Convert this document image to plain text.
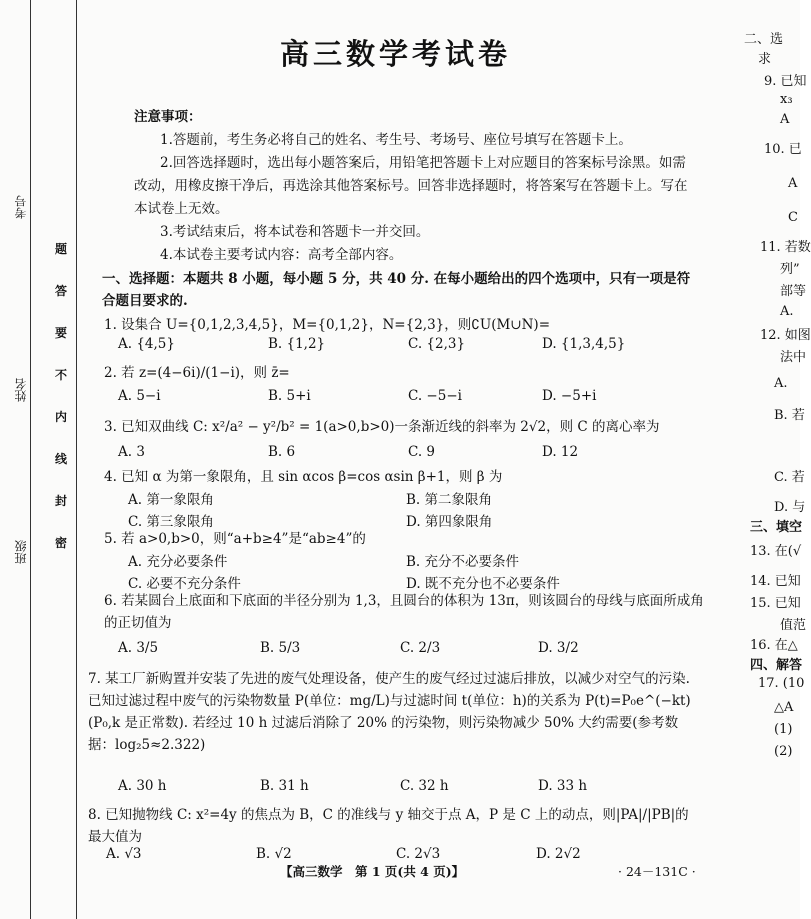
考号
姓名
班级
题
答
要
不
内
线
封
密
高三数学考试卷
注意事项：

1.答题前，考生务必将自己的姓名、考生号、考场号、座位号填写在答题卡上。

2.回答选择题时，选出每小题答案后，用铅笔把答题卡上对应题目的答案标号涂黑。如需改动，用橡皮擦干净后，再选涂其他答案标号。回答非选择题时，将答案写在答题卡上。写在本试卷上无效。

3.考试结束后，将本试卷和答题卡一并交回。

4.本试卷主要考试内容：高考全部内容。

一、选择题：本题共 8 小题，每小题 5 分，共 40 分. 在每小题给出的四个选项中，只有一项是符合题目要求的.
1. 设集合 U={0,1,2,3,4,5}，M={0,1,2}，N={2,3}，则∁U(M∪N)=
A. {4,5}	B. {1,2}	C. {2,3}	D. {1,3,4,5}
2. 若 z=(4−6i)/(1−i)，则 z̄=
A. 5−i	B. 5+i	C. −5−i	D. −5+i
3. 已知双曲线 C: x²/a² − y²/b² = 1(a>0,b>0)一条渐近线的斜率为 2√2，则 C 的离心率为
A. 3	B. 6	C. 9	D. 12
4. 已知 α 为第一象限角，且 sin αcos β=cos αsin β+1，则 β 为
A. 第一象限角	B. 第二象限角
C. 第三象限角	D. 第四象限角
5. 若 a>0,b>0，则“a+b≥4”是“ab≥4”的
A. 充分必要条件	B. 充分不必要条件
C. 必要不充分条件	D. 既不充分也不必要条件
6. 若某圆台上底面和下底面的半径分别为 1,3，且圆台的体积为 13π，则该圆台的母线与底面所成角的正切值为
A. 3/5	B. 5/3	C. 2/3	D. 3/2
7. 某工厂新购置并安装了先进的废气处理设备，使产生的废气经过过滤后排放，以减少对空气的污染. 已知过滤过程中废气的污染物数量 P(单位：mg/L)与过滤时间 t(单位：h)的关系为 P(t)=P₀e^(−kt)(P₀,k 是正常数). 若经过 10 h 过滤后消除了 20% 的污染物，则污染物减少 50% 大约需要(参考数据：log₂5≈2.322)
A. 30 h	B. 31 h	C. 32 h	D. 33 h
8. 已知抛物线 C: x²=4y 的焦点为 B，C 的准线与 y 轴交于点 A，P 是 C 上的动点，则|PA|/|PB|的最大值为
A. √3	B. √2	C. 2√3	D. 2√2
【高三数学　第 1 页(共 4 页)】	· 24－131C ·
二、选
求
9. 已知
x₃
A
10. 已
A
C
11. 若数
列”
部等
A.
12. 如图
法中
A.
B. 若
C. 若
D. 与
三、填空
13. 在(√
14. 已知
15. 已知
值范
16. 在△
四、解答
17. (10
△A
(1)
(2)
